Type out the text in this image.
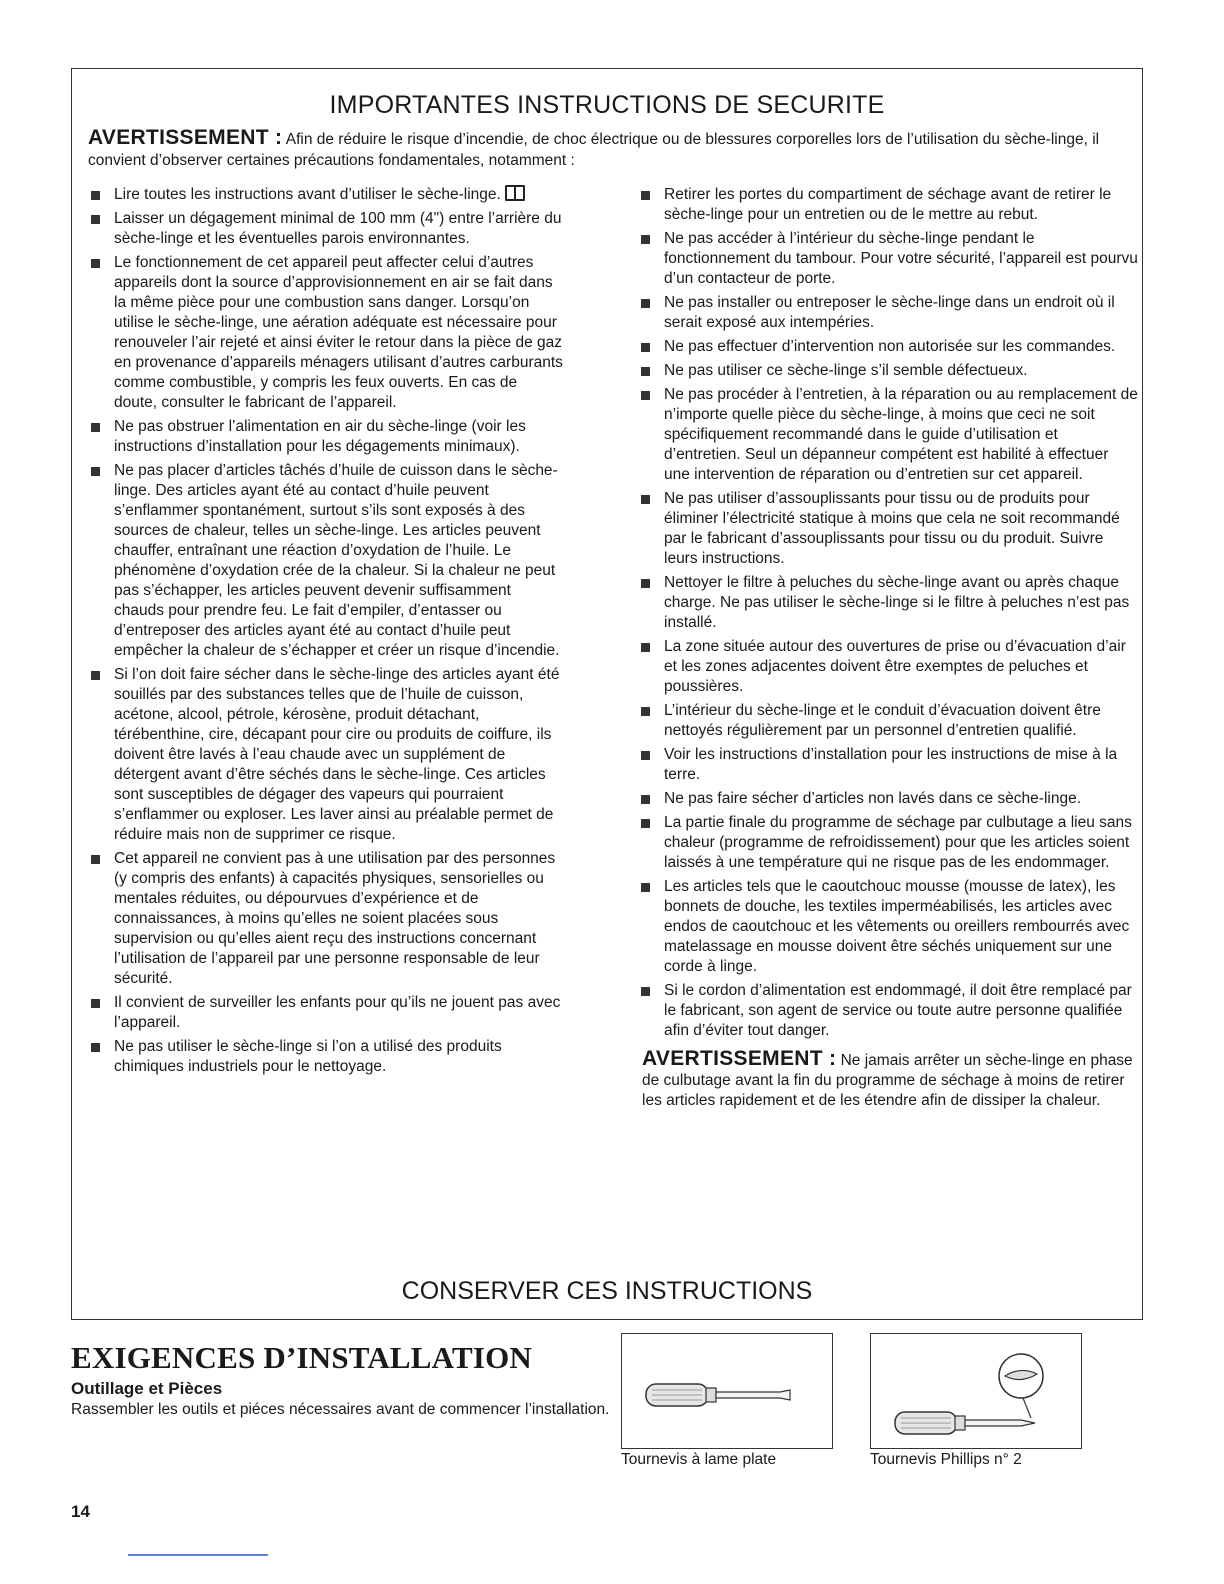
IMPORTANTES INSTRUCTIONS DE SECURITE
AVERTISSEMENT : Afin de réduire le risque d’incendie, de choc électrique ou de blessures corporelles lors de l’utilisation du sèche-linge, il convient d’observer certaines précautions fondamentales, notamment :
Lire toutes les instructions avant d’utiliser le sèche-linge.
Laisser un dégagement minimal de 100 mm (4") entre l’arrière du sèche-linge et les éventuelles parois environnantes.
Le fonctionnement de cet appareil peut affecter celui d’autres appareils dont la source d’approvisionnement en air se fait dans la même pièce pour une combustion sans danger. Lorsqu’on utilise le sèche-linge, une aération adéquate est nécessaire pour renouveler l’air rejeté et ainsi éviter le retour dans la pièce de gaz en provenance d’appareils ménagers utilisant d’autres carburants comme combustible, y compris les feux ouverts. En cas de doute, consulter le fabricant de l’appareil.
Ne pas obstruer l’alimentation en air du sèche-linge (voir les instructions d’installation pour les dégagements minimaux).
Ne pas placer d’articles tâchés d’huile de cuisson dans le sèche-linge. Des articles ayant été au contact d’huile peuvent s’enflammer spontanément, surtout s’ils sont exposés à des sources de chaleur, telles un sèche-linge. Les articles peuvent chauffer, entraînant une réaction d’oxydation de l’huile. Le phénomène d’oxydation crée de la chaleur. Si la chaleur ne peut pas s’échapper, les articles peuvent devenir suffisamment chauds pour prendre feu. Le fait d’empiler, d’entasser ou d’entreposer des articles ayant été au contact d’huile peut empêcher la chaleur de s’échapper et créer un risque d’incendie.
Si l’on doit faire sécher dans le sèche-linge des articles ayant été souillés par des substances telles que de l’huile de cuisson, acétone, alcool, pétrole, kérosène, produit détachant, térébenthine, cire, décapant pour cire ou produits de coiffure, ils doivent être lavés à l’eau chaude avec un supplément de détergent avant d’être séchés dans le sèche-linge. Ces articles sont susceptibles de dégager des vapeurs qui pourraient s’enflammer ou exploser. Les laver ainsi au préalable permet de réduire mais non de supprimer ce risque.
Cet appareil ne convient pas à une utilisation par des personnes (y compris des enfants) à capacités physiques, sensorielles ou mentales réduites, ou dépourvues d’expérience et de connaissances, à moins qu’elles ne soient placées sous supervision ou qu’elles aient reçu des instructions concernant l’utilisation de l’appareil par une personne responsable de leur sécurité.
Il convient de surveiller les enfants pour qu’ils ne jouent pas avec l’appareil.
Ne pas utiliser le sèche-linge si l’on a utilisé des produits chimiques industriels pour le nettoyage.
Retirer les portes du compartiment de séchage avant de retirer le sèche-linge pour un entretien ou de le mettre au rebut.
Ne pas accéder à l’intérieur du sèche-linge pendant le fonctionnement du tambour. Pour votre sécurité, l’appareil est pourvu d’un contacteur de porte.
Ne pas installer ou entreposer le sèche-linge dans un endroit où il serait exposé aux intempéries.
Ne pas effectuer d’intervention non autorisée sur les commandes.
Ne pas utiliser ce sèche-linge s’il semble défectueux.
Ne pas procéder à l’entretien, à la réparation ou au remplacement de n’importe quelle pièce du sèche-linge, à moins que ceci ne soit spécifiquement recommandé dans le guide d’utilisation et d’entretien. Seul un dépanneur compétent est habilité à effectuer une intervention de réparation ou d’entretien sur cet appareil.
Ne pas utiliser d’assouplissants pour tissu ou de produits pour éliminer l’électricité statique à moins que cela ne soit recommandé par le fabricant d’assouplissants pour tissu ou du produit. Suivre leurs instructions.
Nettoyer le filtre à peluches du sèche-linge avant ou après chaque charge. Ne pas utiliser le sèche-linge si le filtre à peluches n’est pas installé.
La zone située autour des ouvertures de prise ou d’évacuation d’air et les zones adjacentes doivent être exemptes de peluches et poussières.
L’intérieur du sèche-linge et le conduit d’évacuation doivent être nettoyés régulièrement par un personnel d’entretien qualifié.
Voir les instructions d’installation pour les instructions de mise à la terre.
Ne pas faire sécher d’articles non lavés dans ce sèche-linge.
La partie finale du programme de séchage par culbutage a lieu sans chaleur (programme de refroidissement) pour que les articles soient laissés à une température qui ne risque pas de les endommager.
Les articles tels que le caoutchouc mousse (mousse de latex), les bonnets de douche, les textiles imperméabilisés, les articles avec endos de caoutchouc et les vêtements ou oreillers rembourrés avec matelassage en mousse doivent être séchés uniquement sur une corde à linge.
Si le cordon d’alimentation est endommagé, il doit être remplacé par le fabricant, son agent de service ou toute autre personne qualifiée afin d’éviter tout danger.
AVERTISSEMENT : Ne jamais arrêter un sèche-linge en phase de culbutage avant la fin du programme de séchage à moins de retirer les articles rapidement et de les étendre afin de dissiper la chaleur.
CONSERVER CES INSTRUCTIONS
EXIGENCES D’INSTALLATION
Outillage et Pièces
Rassembler les outils et piéces nécessaires avant de commencer l’installation.
Tournevis à lame plate	Tournevis Phillips n° 2
14
